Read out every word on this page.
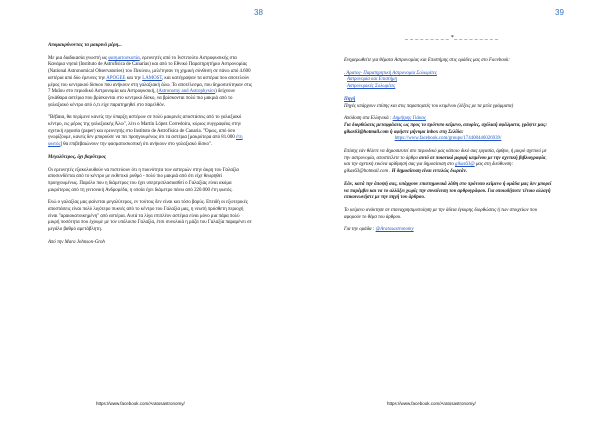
38

Απομακρύνοντας τα μακρινά μέρη...

Με μια διαδικασία γνωστή ως φασματοσκοπία, ερευνητές από το Ινστιτούτο Αστροφυσικής στα Κανάρια νησιά (Instituto de Astrofisica de Canarias) και από το Εθνικό Παρατηρητήριο Αστρονομίας (National Astronomical Observatories) του Πεκίνου, μελέτησαν τη χημική σύνθεση σε πάνω από 4.600 αστέρια από δύο έρευνες την APOGEE και την LAMOST, και κατέγραψαν τα αστέρια που αποτελούν μέρος του κεντρικού δίσκου που ανήκουν στη γαλαξιακή άλω. Το αποτέλεσμα, που δημοσιεύτηκαν στις 7 Μαΐου στο περιοδικό Αστρονομία και Αστροφυσική, (Astronomy and Astrophysics) δείχνουν ξεκάθαρα αστέρια που βρίσκονται στο κεντρικό δίσκο, να βρίσκονται πολύ πιο μακριά από το γαλαξιακό κέντρο από ό,τι είχε παρατηρηθεί στο παρελθόν.

"Βέβαια, θα περίμενε κανείς την ύπαρξη αστέρων σε πολύ μακρινές αποστάσεις από το γαλαξιακό κέντρο, εις μέρος της γαλαξιακής Άλω", λέει ο Martín López Corredoira, κύριος συγγραφέας στην σχετική εργασία (paper) και ερευνητής στο Instituto de Astrofisica de Canaria. "Όμως, από όσο γνωρίζουμε, κανείς δεν μπορούσε να πει προηγουμένως ότι τα αστέρια [μακρύτερα από 81.000 έτη φωτός] θα επιβεβαιώνουν την φασματοσκοπική ότι ανήκουν στο γαλαξιακό δίσκο".

Μεγαλύτερος, όχι βαρύτερος

Οι ερευνητές εξακολουθούν να πιστεύουν ότι η πυκνότητα των αστεριών στην άκρη του Γαλαξία αποσυνδέεται από το κέντρο με εκθετικό ρυθμό - πολύ πιο μακριά από ότι είχε θεωρηθεί προηγουμένως. Παρόλο που η διάμετρος του έχει υπερτριπλασιασθεί ο Γαλαξίας είναι ακόμα μικρότερος από τη γειτονική Ανδρομέδα, η οποία έχει διάμετρο πάνω από 220.000 έτη φωτός.

Ενώ ο γαλαξίας μας φαίνεται μεγαλύτερος, εν τούτοις δεν είναι και τόσο βαρύς. Επειδή οι εξωτερικές αποστάσεις είναι πολύ λιγότερο πυκνές από το κέντρο του Γαλαξία μας, η νεωτή πρόσθετη περιοχή είναι "αραιοκατοικημένη" από αστέρια. Αυτά τα λίγα επιπλέον αστέρια είναι μόνο μια πάρα πολύ μικρή ποσότητα που έχουμε με τον υπόλοιπο Γαλαξία, έτσι συνολικά η μάζα του Γαλαξία παραμένει σε μεγάλο βαθμό αμετάβλητη.

Από την Mara Johnson-Groh

https://www.facebook.com/Aratosastronomy/
39
_ _ _ _ _ _ _ _ _ *_ _ _ _ _ _ _ _ _

Ενημερωθείτε για θέματα Αστρονομίας και Επιστήμης στις ομάδες μας στο Facebook:

. Άρατος- Παρατηρητική Αστρονομία Σολωμίτες
Αστρονομία και Επιστήμη
Αστρονομικές Σολωμίτες

Πηγή
Πηγές υπάρχουν επίσης και στις παραπομπές του κειμένου (λέξεις με τα μπλε γράμματα)

Απόδοση στα Ελληνικά : Δημήτρης Γιάκας

Για διορθώσεις μεταφράσεις ως προς το πρότυπο κείμενο, απορίες, σχόλιαή σφάλματα, γράψτε μας: gikas63@hotmail.com ή αφήστε μήνυμα inbox στη Σελίδα:

https://www.facebook.com/groups/174408446026939/

Επίσης εάν θέλετε να δημοσιευτεί στο περιοδικό μας κάποιο δικό σας εργασία, άρθρο, ή μικρό σχετικό με την αστρονομία, αποστείλετε το άρθρο αυτό σε ποιοτικό μορφή κειμένου με την σχετική βιβλιογραφία, και την σχετική εικόνα αρίθμησή σας για δημοσίευση στο gikas63@ μας στη διεύθυνση: gikas63@hotmail.com . Η δημοσίευση είναι εντελώς δωρεάν.

Εάν, κατά την άποψή σας, υπάρχουν επιστημονικά λάθη στο πρότυπο κείμενο ή ομάδα μας δεν μπορεί να παρέμβει και να το αλλάξει χωρίς την συναίνεση του αρθρογράφου. Για οποιοδήποτε τέτοιο αλλαγή επικοινωνήστε με την πηγή του άρθρου.

Το κείμενο ανάκτησε σε επαναχρησιμοποίηση με την άδεια έγκυρης διορθώσεις ή των στοιχείων που αφορούν το θέμα του άρθρου.

Για την ομάδα : @Aratosastronomy

https://www.facebook.com/Aratosastronomy/
